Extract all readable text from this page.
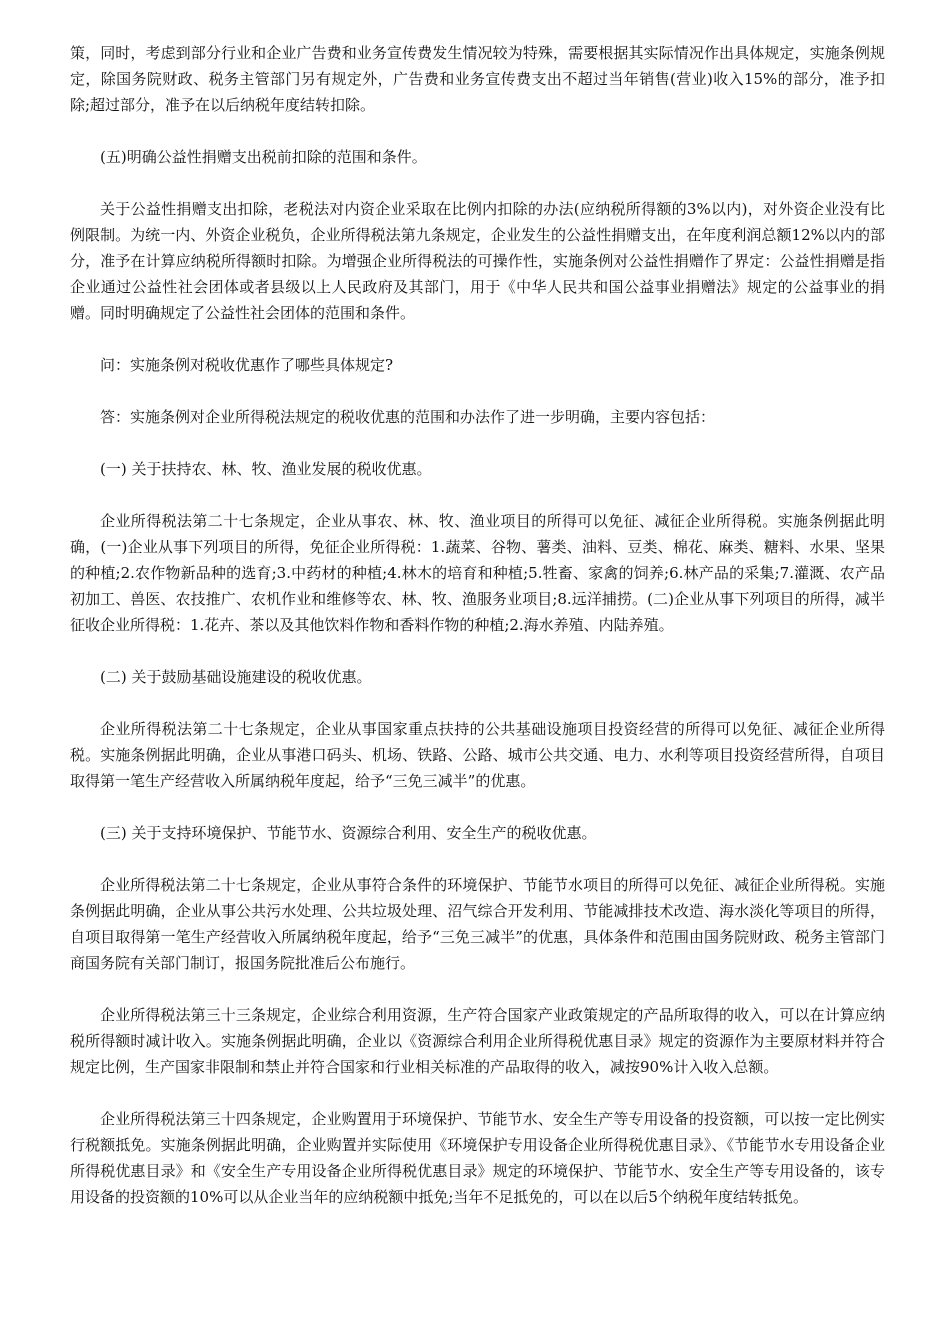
策，同时，考虑到部分行业和企业广告费和业务宣传费发生情况较为特殊，需要根据其实际情况作出具体规定，实施条例规定，除国务院财政、税务主管部门另有规定外，广告费和业务宣传费支出不超过当年销售(营业)收入15%的部分，准予扣除;超过部分，准予在以后纳税年度结转扣除。

(五)明确公益性捐赠支出税前扣除的范围和条件。

关于公益性捐赠支出扣除，老税法对内资企业采取在比例内扣除的办法(应纳税所得额的3%以内)，对外资企业没有比例限制。为统一内、外资企业税负，企业所得税法第九条规定，企业发生的公益性捐赠支出，在年度利润总额12%以内的部分，准予在计算应纳税所得额时扣除。为增强企业所得税法的可操作性，实施条例对公益性捐赠作了界定：公益性捐赠是指企业通过公益性社会团体或者县级以上人民政府及其部门，用于《中华人民共和国公益事业捐赠法》规定的公益事业的捐赠。同时明确规定了公益性社会团体的范围和条件。

问：实施条例对税收优惠作了哪些具体规定?

答：实施条例对企业所得税法规定的税收优惠的范围和办法作了进一步明确，主要内容包括：

(一) 关于扶持农、林、牧、渔业发展的税收优惠。

企业所得税法第二十七条规定，企业从事农、林、牧、渔业项目的所得可以免征、减征企业所得税。实施条例据此明确，(一)企业从事下列项目的所得，免征企业所得税：1.蔬菜、谷物、薯类、油料、豆类、棉花、麻类、糖料、水果、坚果的种植;2.农作物新品种的选育;3.中药材的种植;4.林木的培育和种植;5.牲畜、家禽的饲养;6.林产品的采集;7.灌溉、农产品初加工、兽医、农技推广、农机作业和维修等农、林、牧、渔服务业项目;8.远洋捕捞。(二)企业从事下列项目的所得，减半征收企业所得税：1.花卉、茶以及其他饮料作物和香料作物的种植;2.海水养殖、内陆养殖。

(二) 关于鼓励基础设施建设的税收优惠。

企业所得税法第二十七条规定，企业从事国家重点扶持的公共基础设施项目投资经营的所得可以免征、减征企业所得税。实施条例据此明确，企业从事港口码头、机场、铁路、公路、城市公共交通、电力、水利等项目投资经营所得，自项目取得第一笔生产经营收入所属纳税年度起，给予“三免三减半”的优惠。

(三) 关于支持环境保护、节能节水、资源综合利用、安全生产的税收优惠。

企业所得税法第二十七条规定，企业从事符合条件的环境保护、节能节水项目的所得可以免征、减征企业所得税。实施条例据此明确，企业从事公共污水处理、公共垃圾处理、沼气综合开发利用、节能减排技术改造、海水淡化等项目的所得，自项目取得第一笔生产经营收入所属纳税年度起，给予“三免三减半”的优惠，具体条件和范围由国务院财政、税务主管部门商国务院有关部门制订，报国务院批准后公布施行。

企业所得税法第三十三条规定，企业综合利用资源，生产符合国家产业政策规定的产品所取得的收入，可以在计算应纳税所得额时减计收入。实施条例据此明确，企业以《资源综合利用企业所得税优惠目录》规定的资源作为主要原材料并符合规定比例，生产国家非限制和禁止并符合国家和行业相关标准的产品取得的收入，减按90%计入收入总额。

企业所得税法第三十四条规定，企业购置用于环境保护、节能节水、安全生产等专用设备的投资额，可以按一定比例实行税额抵免。实施条例据此明确，企业购置并实际使用《环境保护专用设备企业所得税优惠目录》、《节能节水专用设备企业所得税优惠目录》和《安全生产专用设备企业所得税优惠目录》规定的环境保护、节能节水、安全生产等专用设备的，该专用设备的投资额的10%可以从企业当年的应纳税额中抵免;当年不足抵免的，可以在以后5个纳税年度结转抵免。
